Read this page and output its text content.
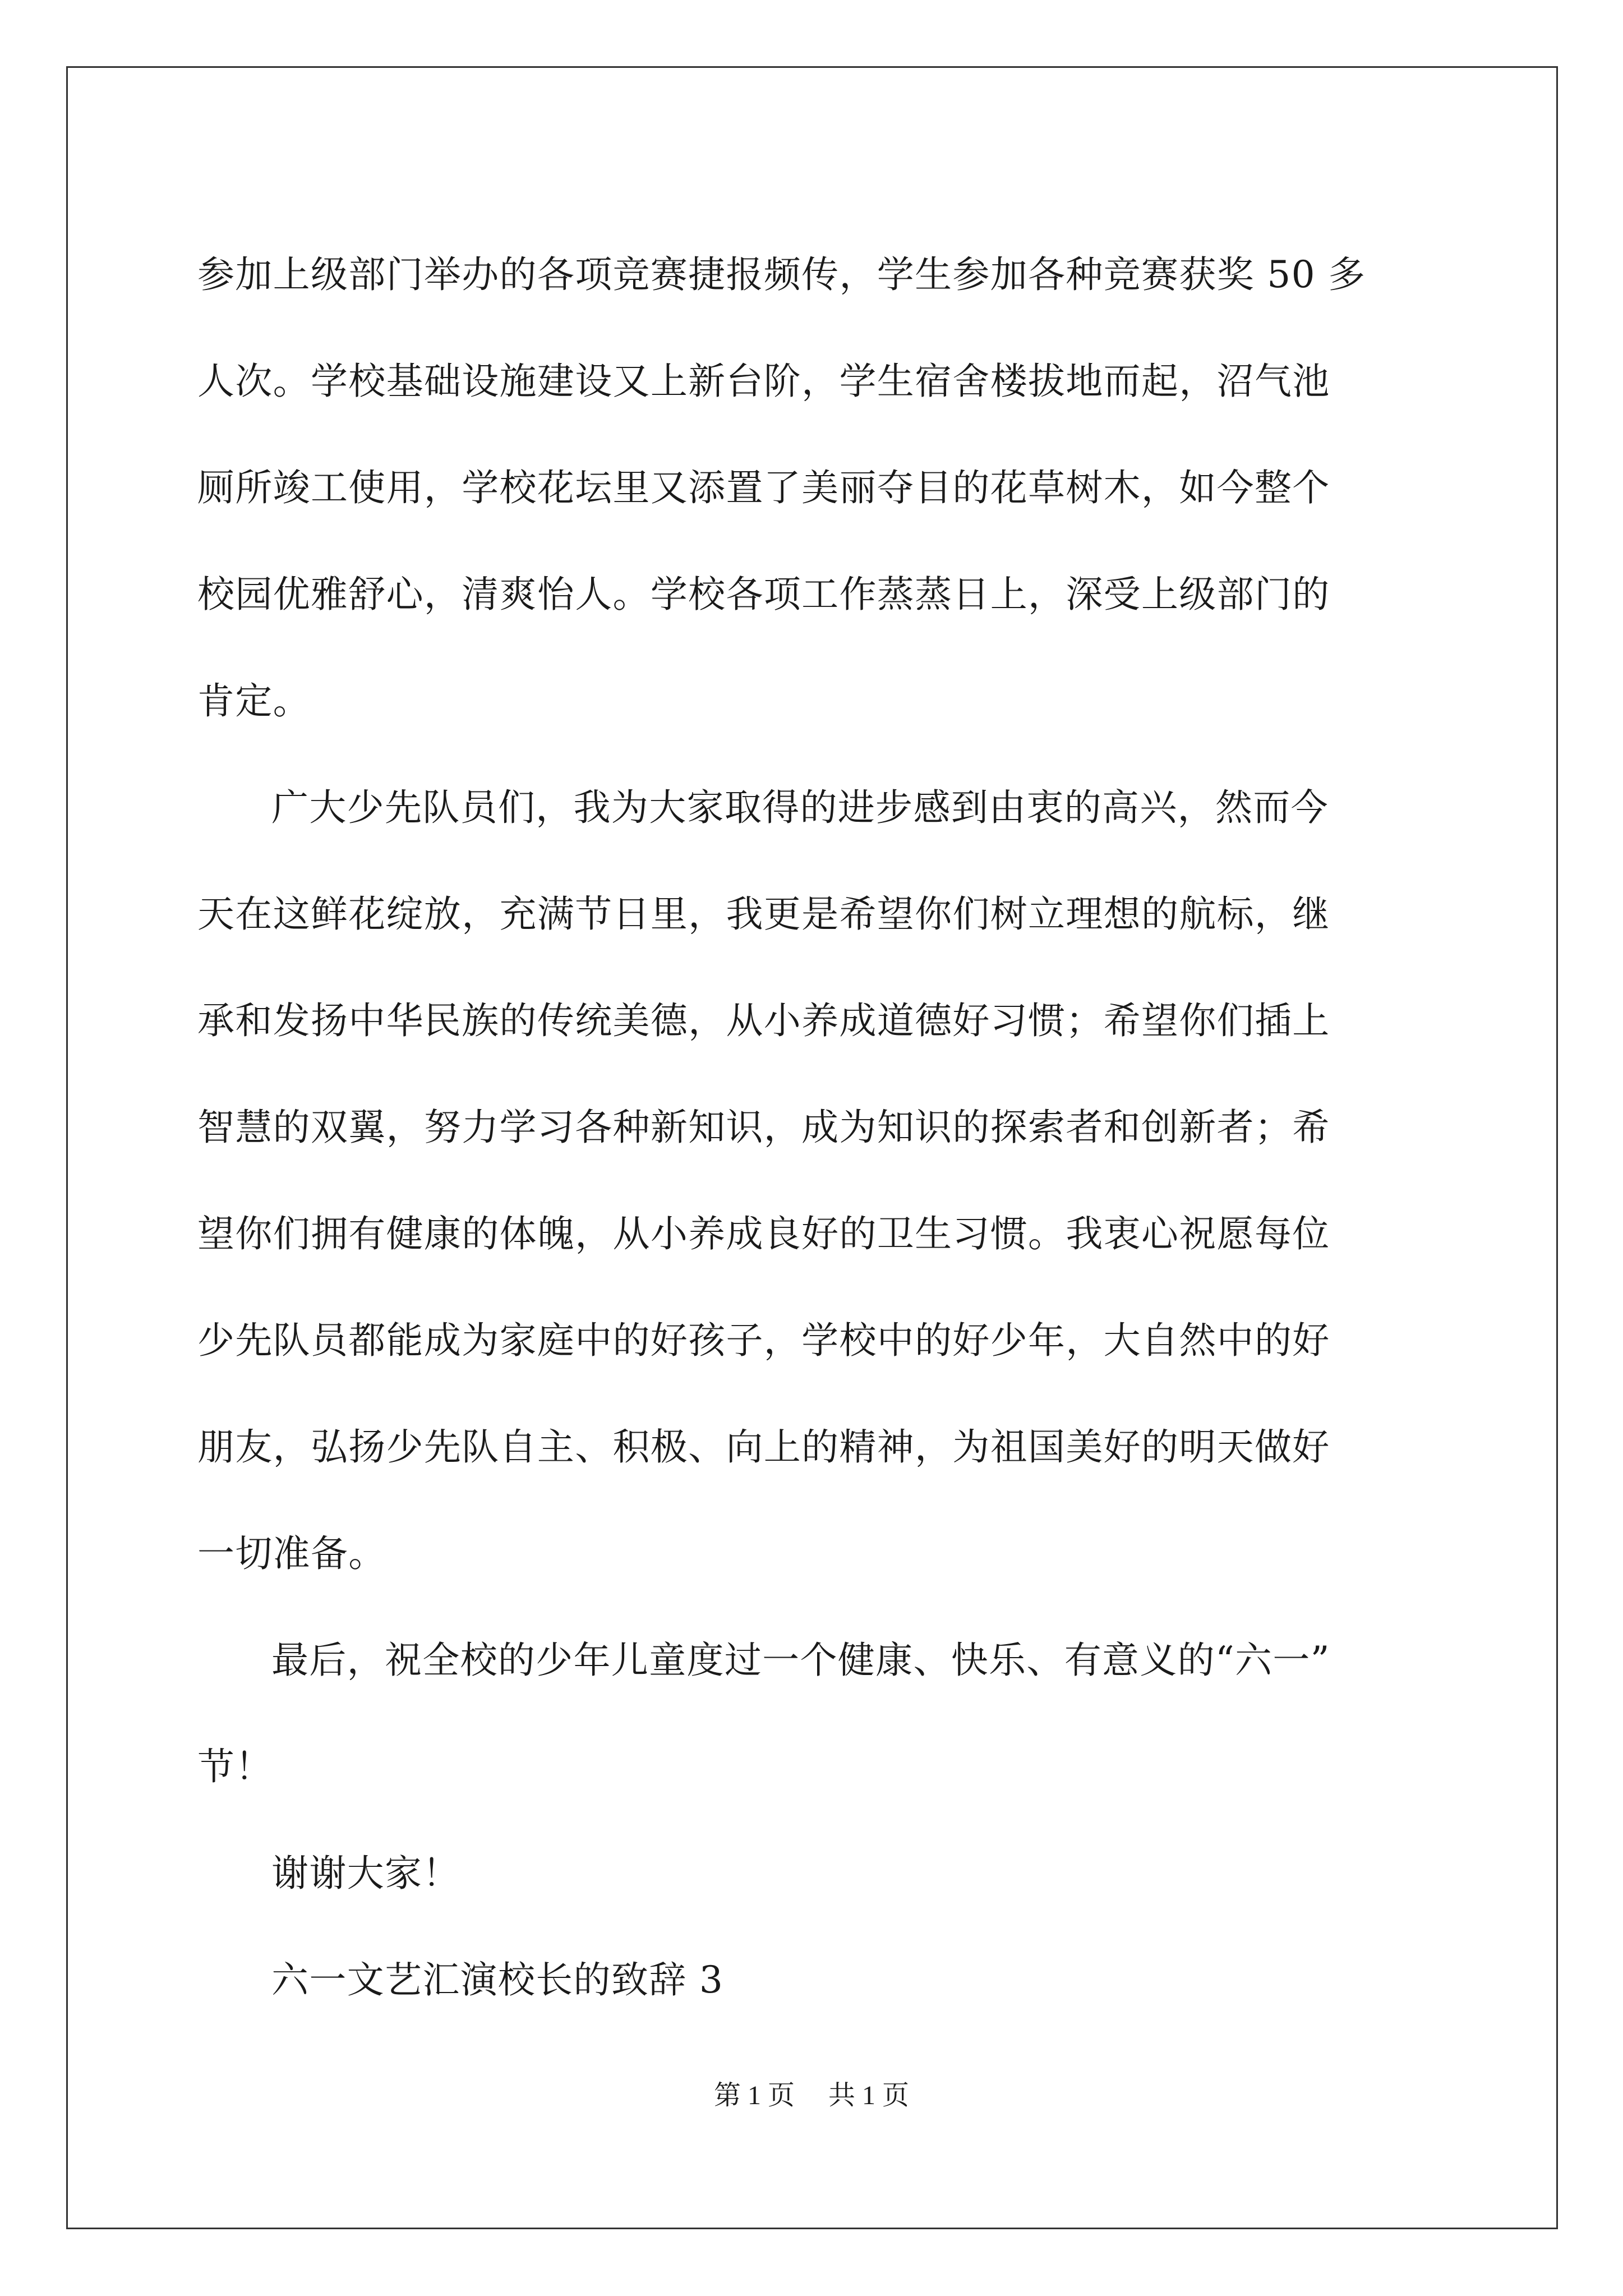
参加上级部门举办的各项竞赛捷报频传，学生参加各种竞赛获奖 50 多
人次。学校基础设施建设又上新台阶，学生宿舍楼拔地而起，沼气池
厕所竣工使用，学校花坛里又添置了美丽夺目的花草树木，如今整个
校园优雅舒心，清爽怡人。学校各项工作蒸蒸日上，深受上级部门的
肯定。

广大少先队员们，我为大家取得的进步感到由衷的高兴，然而今
天在这鲜花绽放，充满节日里，我更是希望你们树立理想的航标，继
承和发扬中华民族的传统美德，从小养成道德好习惯；希望你们插上
智慧的双翼，努力学习各种新知识，成为知识的探索者和创新者；希
望你们拥有健康的体魄，从小养成良好的卫生习惯。我衷心祝愿每位
少先队员都能成为家庭中的好孩子，学校中的好少年，大自然中的好
朋友，弘扬少先队自主、积极、向上的精神，为祖国美好的明天做好
一切准备。

最后，祝全校的少年儿童度过一个健康、快乐、有意义的“六一”
节！

谢谢大家！

六一文艺汇演校长的致辞 3

第 1 页 共 1 页
